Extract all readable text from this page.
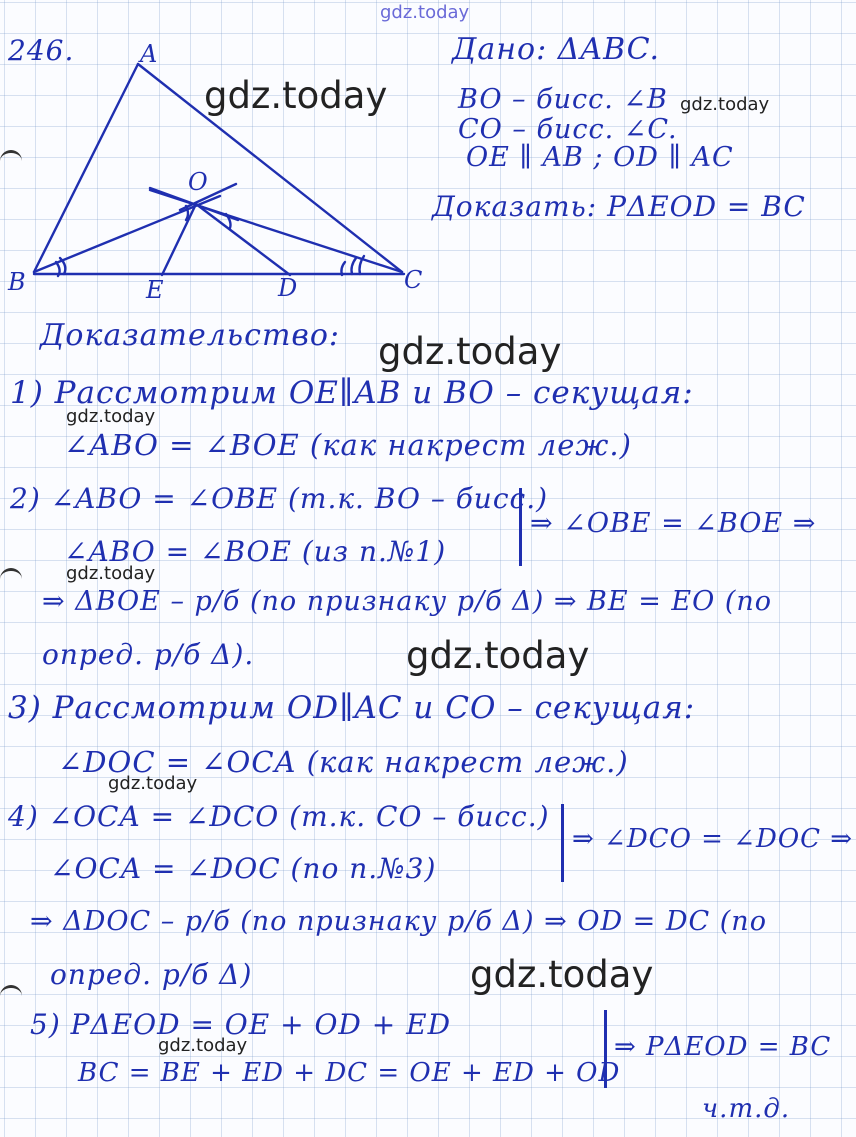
gdz.today
A
B	C
O
E	D
246.	Дано: ΔABC.
BO – бисс. ∠B
CO – бисс. ∠C.
OE ∥ AB ; OD ∥ AC
Доказать: PΔEOD = BC
Доказательство:
1) Рассмотрим OE∥AB и BO – секущая:
∠ABO = ∠BOE (как накрест леж.)
2) ∠ABO = ∠OBE (т.к. BO – бисс.)
∠ABO = ∠BOE (из п.№1)
⇒ ∠OBE = ∠BOE ⇒
⇒ ΔBOE – р/б (по признаку р/б Δ) ⇒ BE = EO (по
опред. р/б Δ).
3) Рассмотрим OD∥AC и CO – секущая:
∠DOC = ∠OCA (как накрест леж.)
4) ∠OCA = ∠DCO (т.к. CO – бисс.)
∠OCA = ∠DOC (по п.№3)
⇒ ∠DCO = ∠DOC ⇒
⇒ ΔDOC – р/б (по признаку р/б Δ) ⇒ OD = DC (по
опред. р/б Δ)
5) PΔEOD = OE + OD + ED
BC = BE + ED + DC = OE + ED + OD
⇒ PΔEOD = BC
ч.т.д.
gdz.today	gdz.today
gdz.today
gdz.today
gdz.today
gdz.today
gdz.today
gdz.today
gdz.today
